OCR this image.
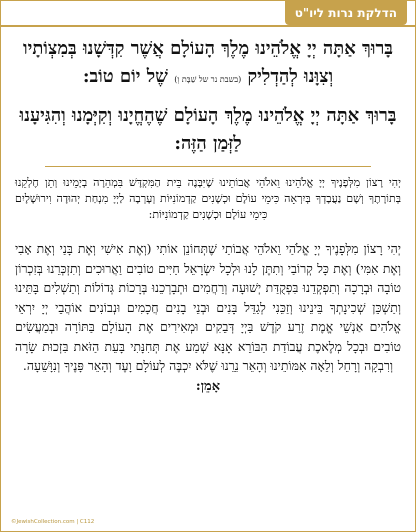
הדלקת נרות ליו"ט
בָּרוּךְ אַתָּה יְיָ אֱלֹהֵינוּ מֶלֶךְ הָעוֹלָם אֲשֶׁר קִדְּשָׁנוּ בְּמִצְוֹתָיו וְצִוָּנוּ לְהַדְלִיק (בשבת נר של שַׁבָּת וְ) שֶׁל יוֹם טוֹב:
בָּרוּךְ אַתָּה יְיָ אֱלֹהֵינוּ מֶלֶךְ הָעוֹלָם שֶׁהֶחֱיָנוּ וְקִיְּמָנוּ וְהִגִּיעָנוּ לַזְּמַן הַזֶּה:
יְהִי רָצוֹן מִלְּפָנֶיךָ יְיָ אֱלֹהֵינוּ וֵאלֹהֵי אֲבוֹתֵינוּ שֶׁיִּבָּנֶה בֵּית הַמִּקְדָּשׁ בִּמְהֵרָה בְיָמֵינוּ וְתֵן חֶלְקֵנוּ בְּתוֹרָתֶךָ וְשָׁם נַעֲבָדְךָ בְּיִרְאָה כִּימֵי עוֹלָם וּכְשָׁנִים קַדְמוֹנִיּוֹת וְעָרְבָה לַיְיָ מִנְחַת יְהוּדָה וִירוּשָׁלָיִם כִּימֵי עוֹלָם וּכְשָׁנִים קַדְמוֹנִיּוֹת:
יְהִי רָצוֹן מִלְּפָנֶיךָ יְיָ אֱלֹהַי וֵאלֹהֵי אֲבוֹתַי שֶׁתְּחוֹנֵן אוֹתִי (וְאֶת אִישִׁי וְאֶת בָּנַי וְאֶת אָבִי וְאֶת אִמִּי) וְאֶת כָּל קְרוֹבַי וְתִתֶּן לָנוּ וּלְכָל יִשְׂרָאֵל חַיִּים טוֹבִים וַאֲרוּכִים וְתִזְכְּרֵנוּ בְּזִכְרוֹן טוֹבָה וּבְרָכָה וְתִפְקְדֵנוּ בִּפְקֻדַּת יְשׁוּעָה וְרַחֲמִים וּתְבָרְכֵנוּ בְּרָכוֹת גְּדוֹלוֹת וְתַשְׁלִים בָּתֵּינוּ וְתַשְׁכֵּן שְׁכִינָתְךָ בֵּינֵינוּ וְזַכֵּנִי לְגַדֵּל בָּנִים וּבְנֵי בָנִים חֲכָמִים וּנְבוֹנִים אוֹהֲבֵי יְיָ יִרְאֵי אֱלֹהִים אַנְשֵׁי אֱמֶת זֶרַע קֹדֶשׁ בַּיְיָ דְּבֵקִים וּמְאִירִים אֶת הָעוֹלָם בַּתּוֹרָה וּבְמַעֲשִׂים טוֹבִים וּבְכָל מְלֶאכֶת עֲבוֹדַת הַבּוֹרֵא אָנָּא שְׁמַע אֶת תְּחִנָּתִי בָּעֵת הַזֹּאת בִּזְכוּת שָׂרָה וְרִבְקָה וְרָחֵל וְלֵאָה אִמּוֹתֵינוּ וְהָאֵר נֵרֵנוּ שֶׁלֹּא יִכְבֶּה לְעוֹלָם וָעֶד וְהָאֵר פָּנֶיךָ וְנִוָּשֵׁעָה.
אָמֵן:
©JewishCollection.com | C112
